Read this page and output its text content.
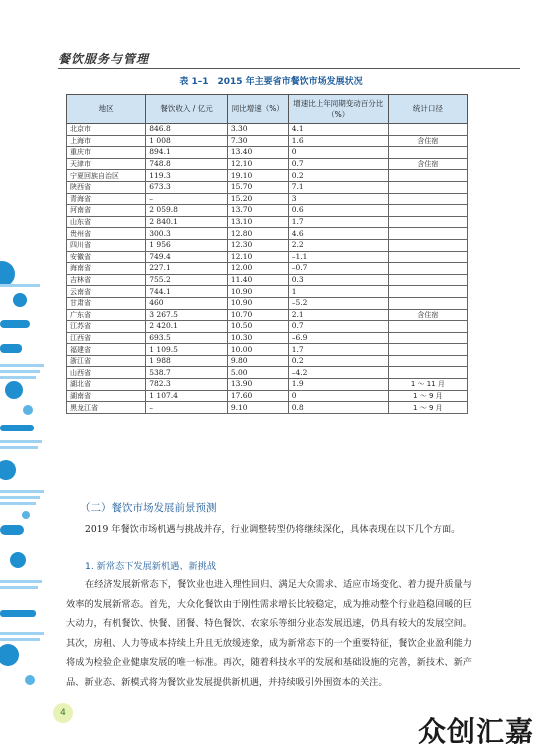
餐饮服务与管理
表 1–1　2015 年主要省市餐饮市场发展状况
地区	餐饮收入 / 亿元	同比增速（%）	增速比上年同期变动百分比（%）	统计口径
北京市	846.8	3.30	4.1	
上海市	1 008	7.30	1.6	含住宿
重庆市	894.1	13.40	0	
天津市	748.8	12.10	0.7	含住宿
宁夏回族自治区	119.3	19.10	0.2	
陕西省	673.3	15.70	7.1	
青海省	–	15.20	3	
河南省	2 059.8	13.70	0.6	
山东省	2 840.1	13.10	1.7	
贵州省	300.3	12.80	4.6	
四川省	1 956	12.30	2.2	
安徽省	749.4	12.10	–1.1	
海南省	227.1	12.00	–0.7	
吉林省	755.2	11.40	0.3	
云南省	744.1	10.90	1	
甘肃省	460	10.90	–5.2	
广东省	3 267.5	10.70	2.1	含住宿
江苏省	2 420.1	10.50	0.7	
江西省	693.5	10.30	–6.9	
福建省	1 109.5	10.00	1.7	
浙江省	1 988	9.80	0.2	
山西省	538.7	5.00	–4.2	
湖北省	782.3	13.90	1.9	1 ～ 11 月
湖南省	1 107.4	17.60	0	1 ～ 9 月
黑龙江省	–	9.10	0.8	1 ～ 9 月
（二）餐饮市场发展前景预测
2019 年餐饮市场机遇与挑战并存，行业调整转型仍将继续深化，具体表现在以下几个方面。
1. 新常态下发展新机遇、新挑战
在经济发展新常态下，餐饮业也进入理性回归、满足大众需求、适应市场变化、着力提升质量与效率的发展新常态。首先，大众化餐饮由于刚性需求增长比较稳定，成为推动整个行业趋稳回暖的巨大动力，有机餐饮、快餐、团餐、特色餐饮、农家乐等细分业态发展迅速，仍具有较大的发展空间。其次，房租、人力等成本持续上升且无放缓迹象，成为新常态下的一个重要特征，餐饮企业盈利能力将成为检验企业健康发展的唯一标准。再次，随着科技水平的发展和基础设施的完善，新技术、新产品、新业态、新模式将为餐饮业发展提供新机遇，并持续吸引外围资本的关注。
4
众创汇嘉
